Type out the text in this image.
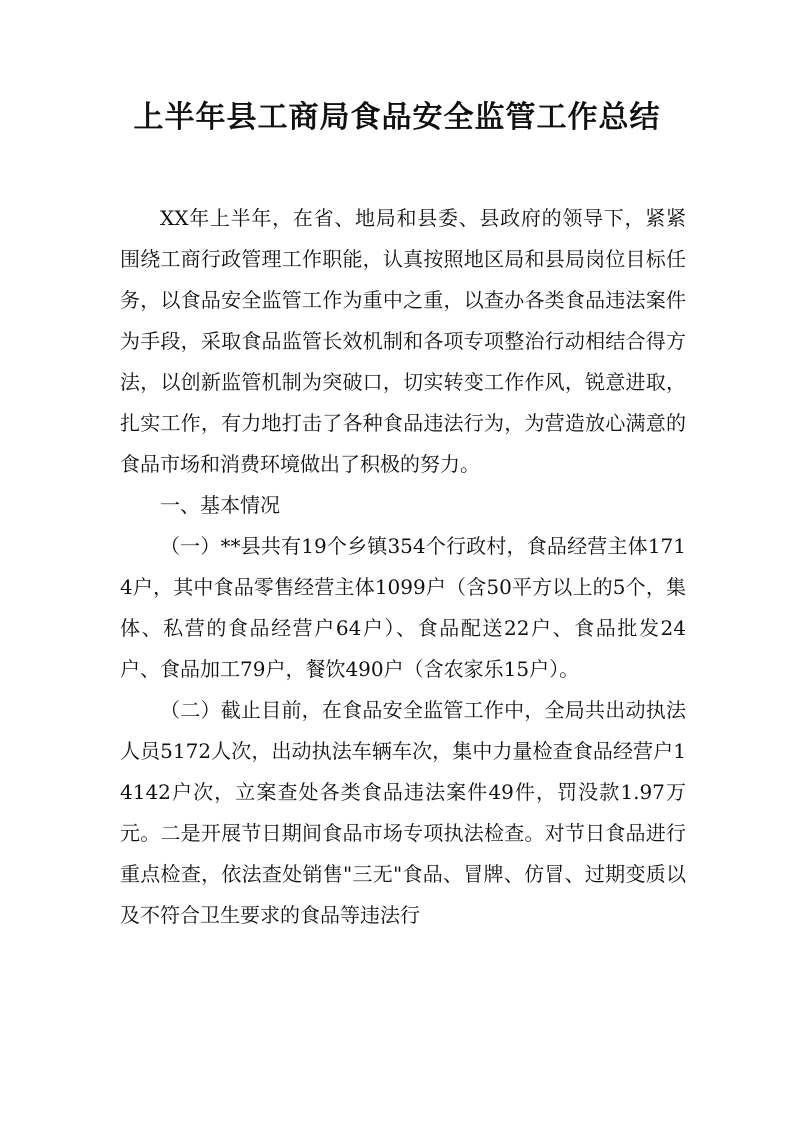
上半年县工商局食品安全监管工作总结

XX年上半年，在省、地局和县委、县政府的领导下，紧紧围绕工商行政管理工作职能，认真按照地区局和县局岗位目标任务，以食品安全监管工作为重中之重，以查办各类食品违法案件为手段，采取食品监管长效机制和各项专项整治行动相结合得方法，以创新监管机制为突破口，切实转变工作作风，锐意进取，扎实工作，有力地打击了各种食品违法行为，为营造放心满意的食品市场和消费环境做出了积极的努力。

一、基本情况

（一）**县共有19个乡镇354个行政村，食品经营主体1714户，其中食品零售经营主体1099户（含50平方以上的5个，集体、私营的食品经营户64户）、食品配送22户、食品批发24户、食品加工79户，餐饮490户（含农家乐15户）。

（二）截止目前，在食品安全监管工作中，全局共出动执法人员5172人次，出动执法车辆车次，集中力量检查食品经营户14142户次，立案查处各类食品违法案件49件，罚没款1.97万元。二是开展节日期间食品市场专项执法检查。对节日食品进行重点检查，依法查处销售"三无"食品、冒牌、仿冒、过期变质以及不符合卫生要求的食品等违法行
